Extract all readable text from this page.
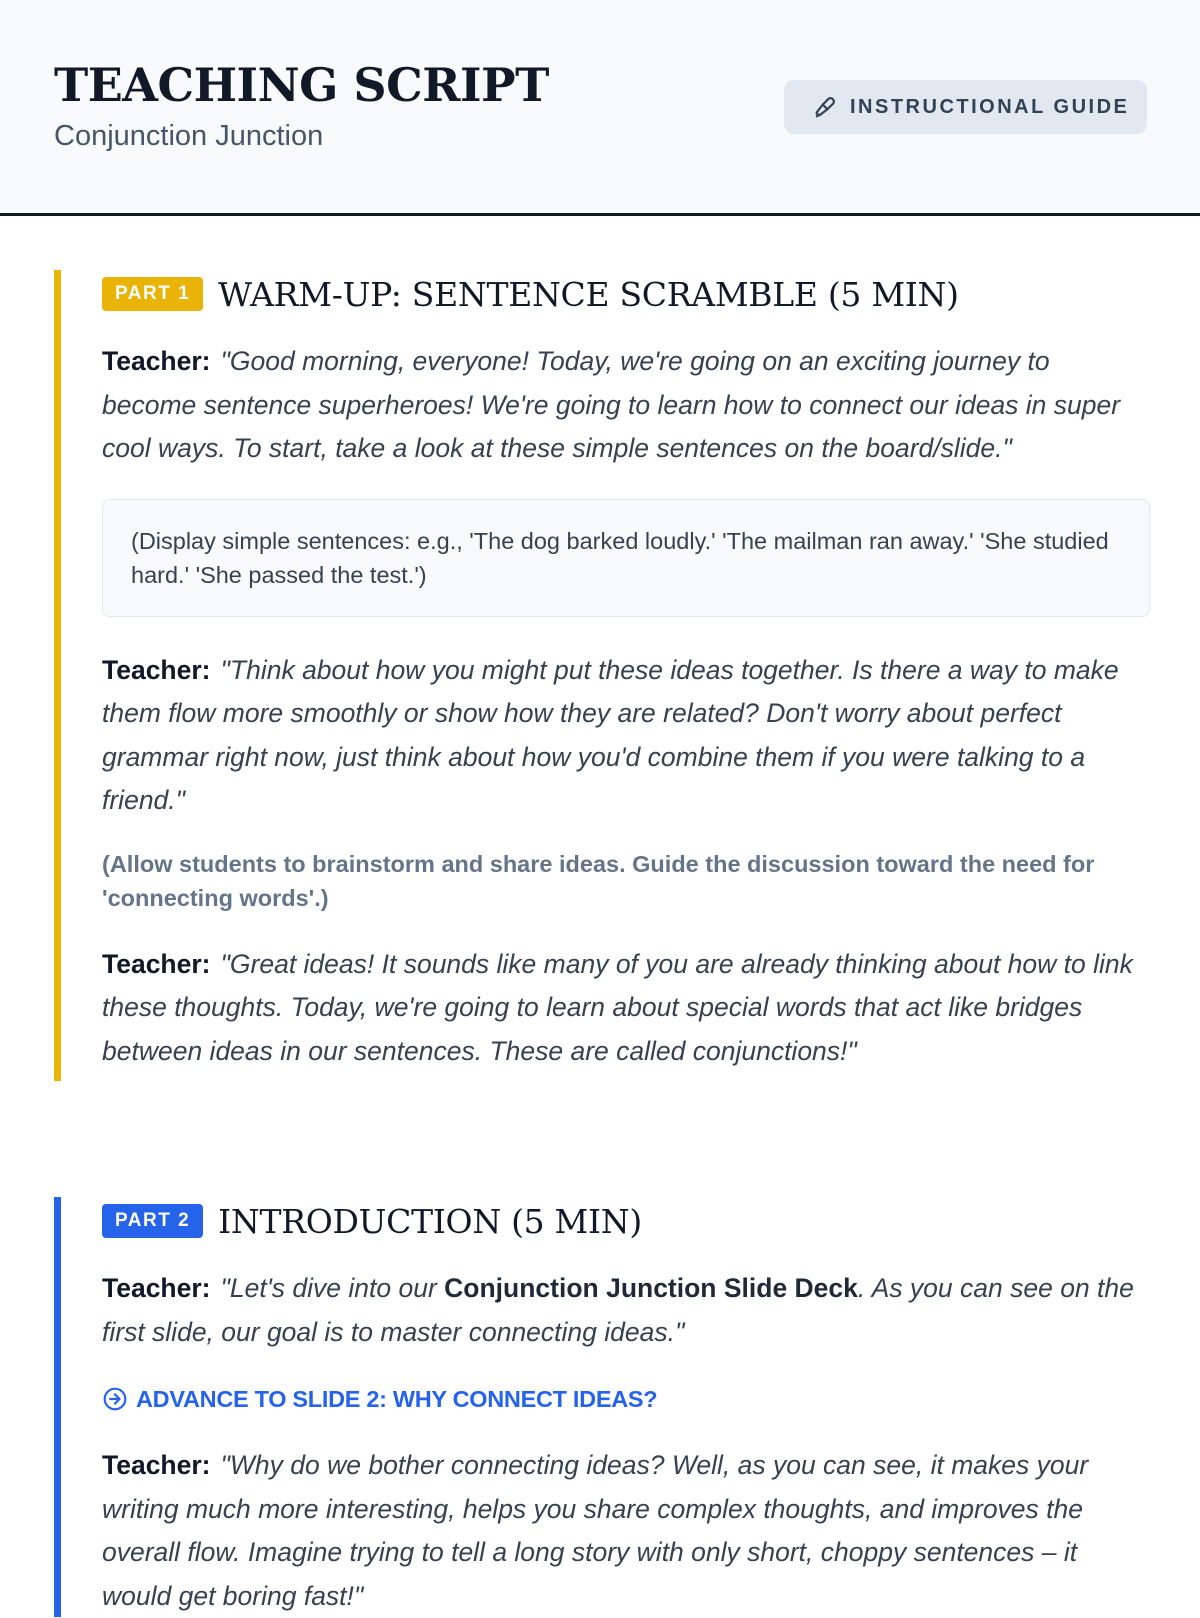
TEACHING SCRIPT
Conjunction Junction
INSTRUCTIONAL GUIDE
PART 1 WARM-UP: SENTENCE SCRAMBLE (5 MIN)

Teacher: "Good morning, everyone! Today, we're going on an exciting journey to become sentence superheroes! We're going to learn how to connect our ideas in super cool ways. To start, take a look at these simple sentences on the board/slide."

(Display simple sentences: e.g., 'The dog barked loudly.' 'The mailman ran away.' 'She studied hard.' 'She passed the test.')

Teacher: "Think about how you might put these ideas together. Is there a way to make them flow more smoothly or show how they are related? Don't worry about perfect grammar right now, just think about how you'd combine them if you were talking to a friend."

(Allow students to brainstorm and share ideas. Guide the discussion toward the need for 'connecting words'.)

Teacher: "Great ideas! It sounds like many of you are already thinking about how to link these thoughts. Today, we're going to learn about special words that act like bridges between ideas in our sentences. These are called conjunctions!"

PART 2 INTRODUCTION (5 MIN)

Teacher: "Let's dive into our Conjunction Junction Slide Deck. As you can see on the first slide, our goal is to master connecting ideas."

ADVANCE TO SLIDE 2: WHY CONNECT IDEAS?

Teacher: "Why do we bother connecting ideas? Well, as you can see, it makes your writing much more interesting, helps you share complex thoughts, and improves the overall flow. Imagine trying to tell a long story with only short, choppy sentences – it would get boring fast!"
